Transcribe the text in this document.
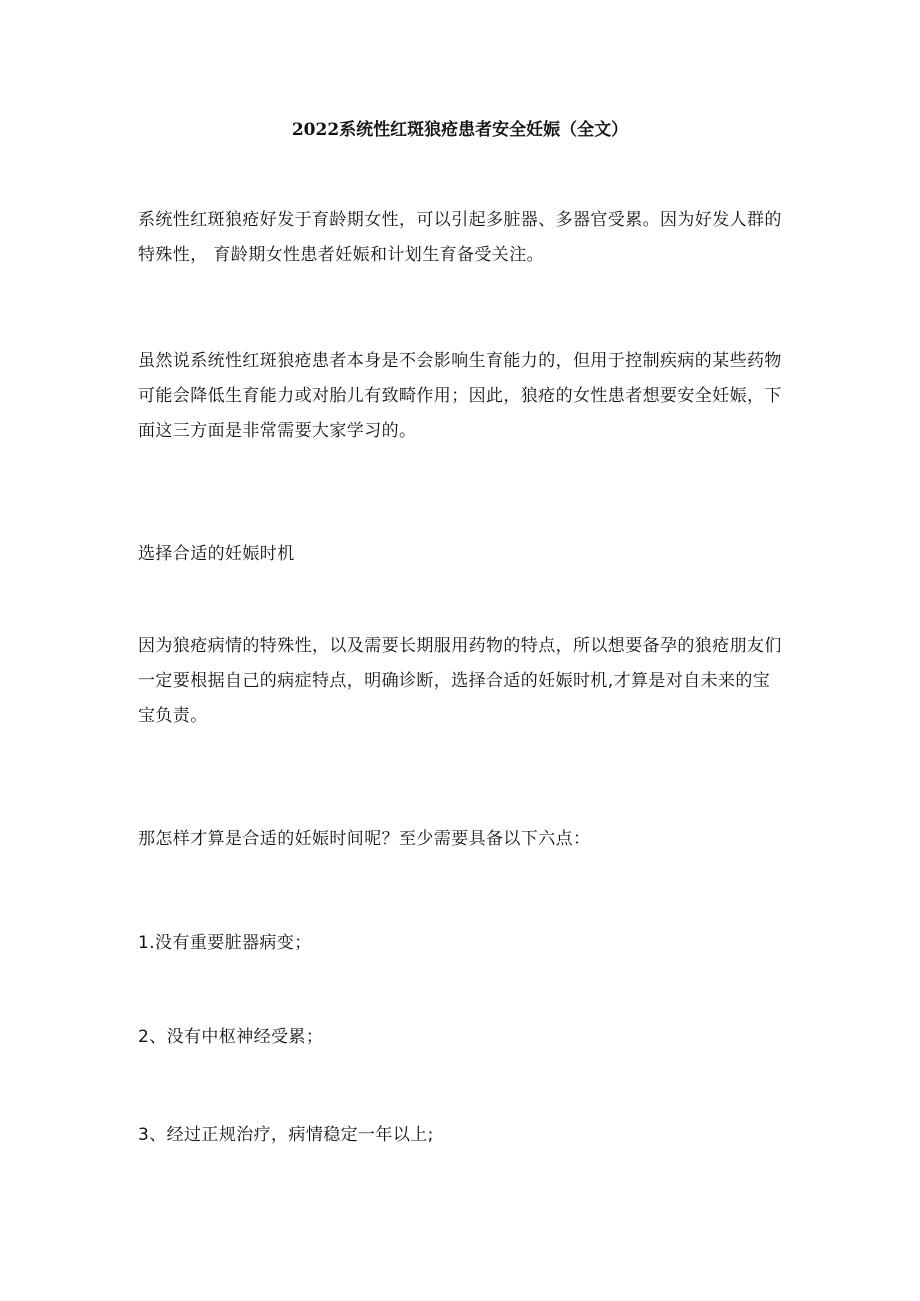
2022系统性红斑狼疮患者安全妊娠（全文）

系统性红斑狼疮好发于育龄期女性，可以引起多脏器、多器官受累。因为好发人群的特殊性， 育龄期女性患者妊娠和计划生育备受关注。

虽然说系统性红斑狼疮患者本身是不会影响生育能力的，但用于控制疾病的某些药物可能会降低生育能力或对胎儿有致畸作用；因此，狼疮的女性患者想要安全妊娠，下面这三方面是非常需要大家学习的。

选择合适的妊娠时机

因为狼疮病情的特殊性，以及需要长期服用药物的特点，所以想要备孕的狼疮朋友们一定要根据自己的病症特点，明确诊断，选择合适的妊娠时机,才算是对自未来的宝宝负责。

那怎样才算是合适的妊娠时间呢？至少需要具备以下六点：

1.没有重要脏器病变；

2、没有中枢神经受累；

3、经过正规治疗，病情稳定一年以上;
